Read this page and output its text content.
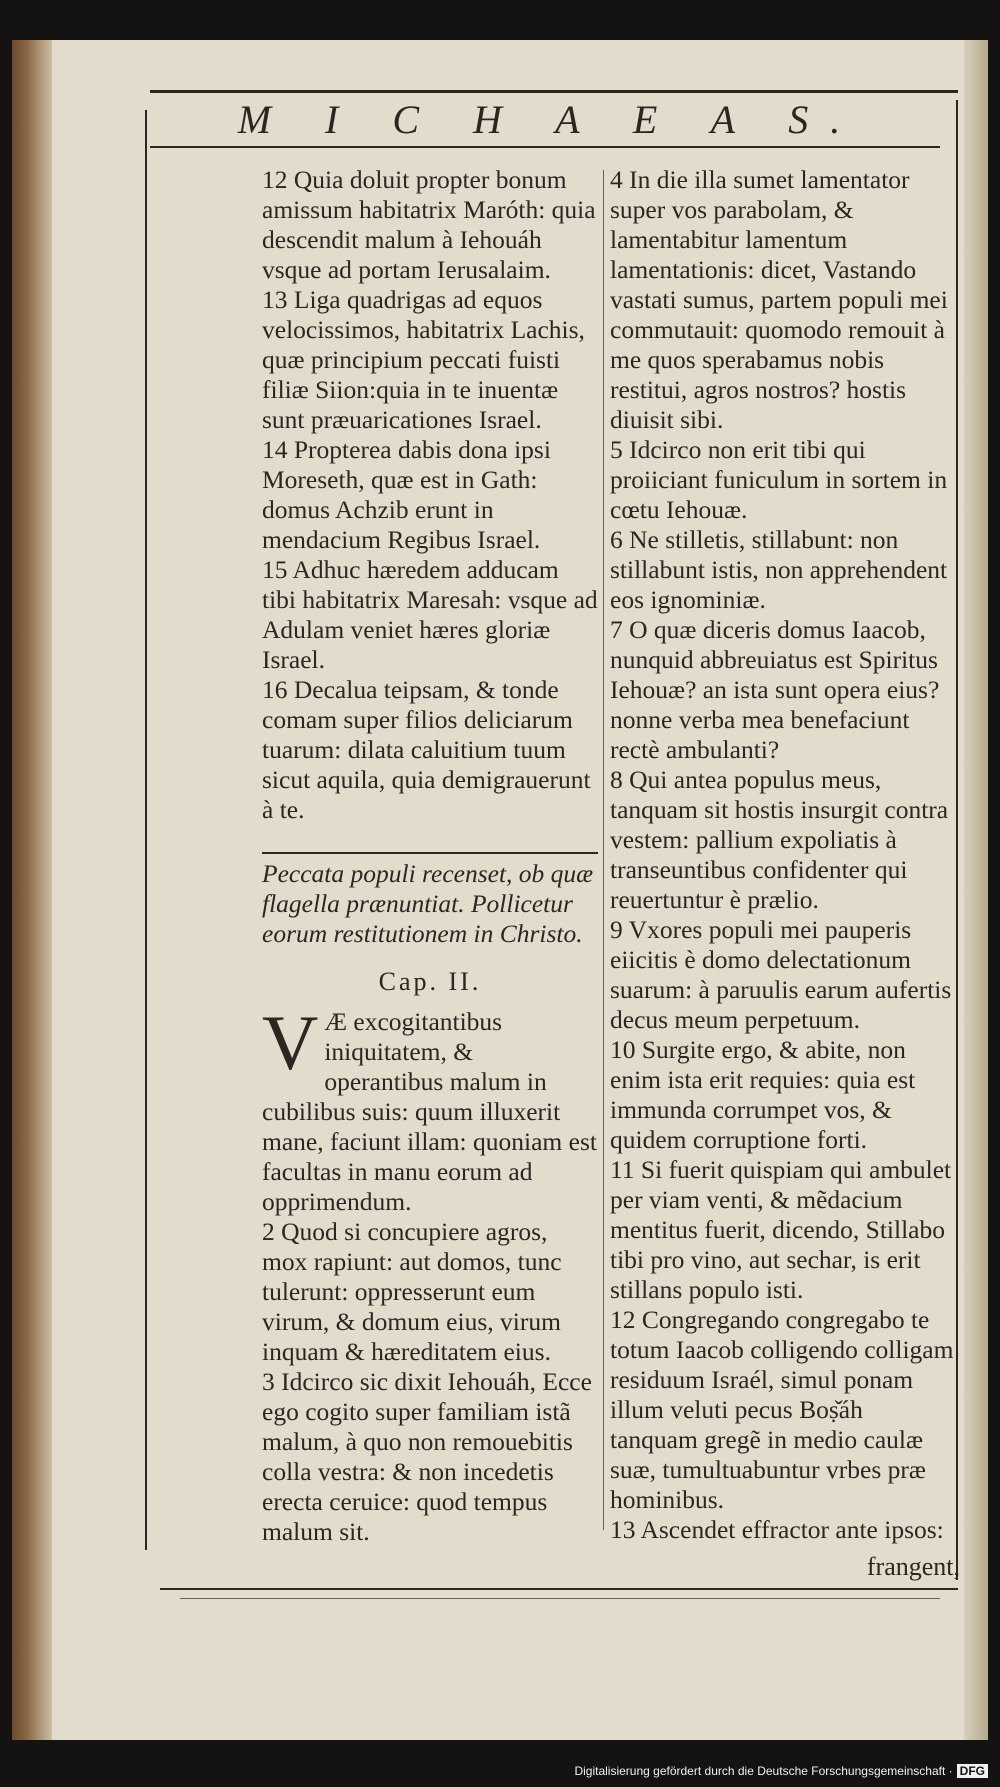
M I C H A E A S.

12 Quia doluit propter bonum amissum habitatrix Maróth: quia descendit malum à Iehouáh vsque ad portam Ierusalaim.

13 Liga quadrigas ad equos velocissimos, habitatrix Lachis, quæ principium peccati fuisti filiæ Siion:quia in te inuentæ sunt præuaricationes Israel.

14 Propterea dabis dona ipsi Moreseth, quæ est in Gath: domus Achzib erunt in mendacium Regibus Israel.

15 Adhuc hæredem adducam tibi habitatrix Maresah: vsque ad Adulam veniet hæres gloriæ Israel.

16 Decalua teipsam, & tonde comam super filios deliciarum tuarum: dilata caluitium tuum sicut aquila, quia demigrauerunt à te.

Peccata populi recenset, ob quæ flagella prænuntiat. Pollicetur eorum restitutionem in Christo.

Cap. II.

V Æ excogitantibus iniquitatem, & operantibus malum in cubilibus suis: quum illuxerit mane, faciunt illam: quoniam est facultas in manu eorum ad opprimendum.

2 Quod si concupiere agros, mox rapiunt: aut domos, tunc tulerunt: oppresserunt eum virum, & domum eius, virum inquam & hæreditatem eius.

3 Idcirco sic dixit Iehouáh, Ecce ego cogito super familiam istã malum, à quo non remouebitis colla vestra: & non incedetis erecta ceruice: quod tempus malum sit.

4 In die illa sumet lamentator super vos parabolam, & lamentabitur lamentum lamentationis: dicet, Vastando vastati sumus, partem populi mei commutauit: quomodo remouit à me quos sperabamus nobis restitui, agros nostros? hostis diuisit sibi.

5 Idcirco non erit tibi qui proiiciant funiculum in sortem in cœtu Iehouæ.

6 Ne stilletis, stillabunt: non stillabunt istis, non apprehendent eos ignominiæ.

7 O quæ diceris domus Iaacob, nunquid abbreuiatus est Spiritus Iehouæ? an ista sunt opera eius? nonne verba mea benefaciunt rectè ambulanti?

8 Qui antea populus meus, tanquam sit hostis insurgit contra vestem: pallium expoliatis à transeuntibus confidenter qui reuertuntur è prælio.

9 Vxores populi mei pauperis eiicitis è domo delectationum suarum: à paruulis earum aufertis decus meum perpetuum.

10 Surgite ergo, & abite, non enim ista erit requies: quia est immunda corrumpet vos, & quidem corruptione forti.

11 Si fuerit quispiam qui ambulet per viam venti, & mẽdacium mentitus fuerit, dicendo, Stillabo tibi pro vino, aut sechar, is erit stillans populo isti.

12 Congregando congregabo te totum Iaacob colligendo colligam residuum Israél, simul ponam illum veluti pecus Boṣ̌áh tanquam gregẽ in medio caulæ suæ, tumultuabuntur vrbes præ hominibus.

13 Ascendet effractor ante ipsos:

frangent,
Digitalisierung gefördert durch die Deutsche Forschungsgemeinschaft · DFG
